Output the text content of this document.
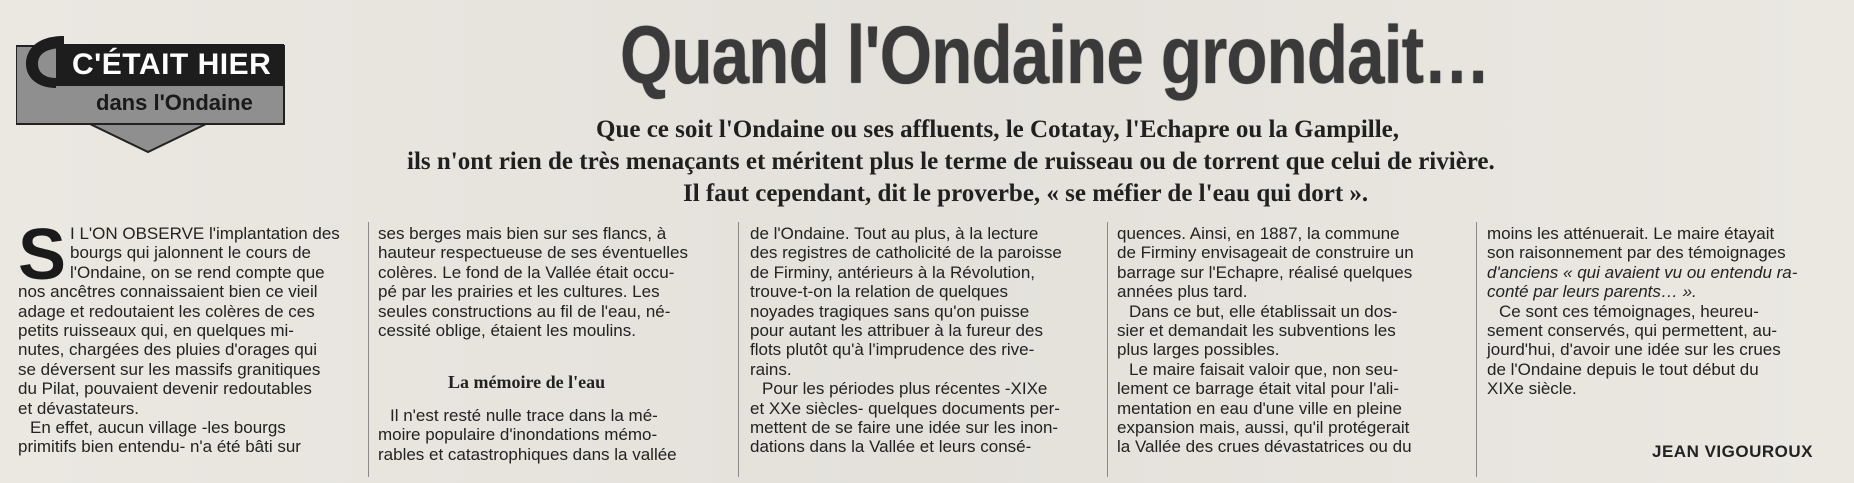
C'ÉTAIT HIER
dans l'Ondaine
Quand l'Ondaine grondait…
Que ce soit l'Ondaine ou ses affluents, le Cotatay, l'Echapre ou la Gampille,
ils n'ont rien de très menaçants et méritent plus le terme de ruisseau ou de torrent que celui de rivière.
Il faut cependant, dit le proverbe, « se méfier de l'eau qui dort ».
S I L'ON OBSERVE l'implantation des

bourgs qui jalonnent le cours de

l'Ondaine, on se rend compte que

nos ancêtres connaissaient bien ce vieil

adage et redoutaient les colères de ces

petits ruisseaux qui, en quelques mi-

nutes, chargées des pluies d'orages qui

se déversent sur les massifs granitiques

du Pilat, pouvaient devenir redoutables

et dévastateurs.

En effet, aucun village -les bourgs

primitifs bien entendu- n'a été bâti sur

ses berges mais bien sur ses flancs, à

hauteur respectueuse de ses éventuelles

colères. Le fond de la Vallée était occu-

pé par les prairies et les cultures. Les

seules constructions au fil de l'eau, né-

cessité oblige, étaient les moulins.

La mémoire de l'eau

Il n'est resté nulle trace dans la mé-

moire populaire d'inondations mémo-

rables et catastrophiques dans la vallée

de l'Ondaine. Tout au plus, à la lecture

des registres de catholicité de la paroisse

de Firminy, antérieurs à la Révolution,

trouve-t-on la relation de quelques

noyades tragiques sans qu'on puisse

pour autant les attribuer à la fureur des

flots plutôt qu'à l'imprudence des rive-

rains.

Pour les périodes plus récentes -XIXe

et XXe siècles- quelques documents per-

mettent de se faire une idée sur les inon-

dations dans la Vallée et leurs consé-

quences. Ainsi, en 1887, la commune

de Firminy envisageait de construire un

barrage sur l'Echapre, réalisé quelques

années plus tard.

Dans ce but, elle établissait un dos-

sier et demandait les subventions les

plus larges possibles.

Le maire faisait valoir que, non seu-

lement ce barrage était vital pour l'ali-

mentation en eau d'une ville en pleine

expansion mais, aussi, qu'il protégerait

la Vallée des crues dévastatrices ou du

moins les atténuerait. Le maire étayait

son raisonnement par des témoignages

d'anciens « qui avaient vu ou entendu ra-

conté par leurs parents… ».

Ce sont ces témoignages, heureu-

sement conservés, qui permettent, au-

jourd'hui, d'avoir une idée sur les crues

de l'Ondaine depuis le tout début du

XIXe siècle.

JEAN VIGOUROUX
